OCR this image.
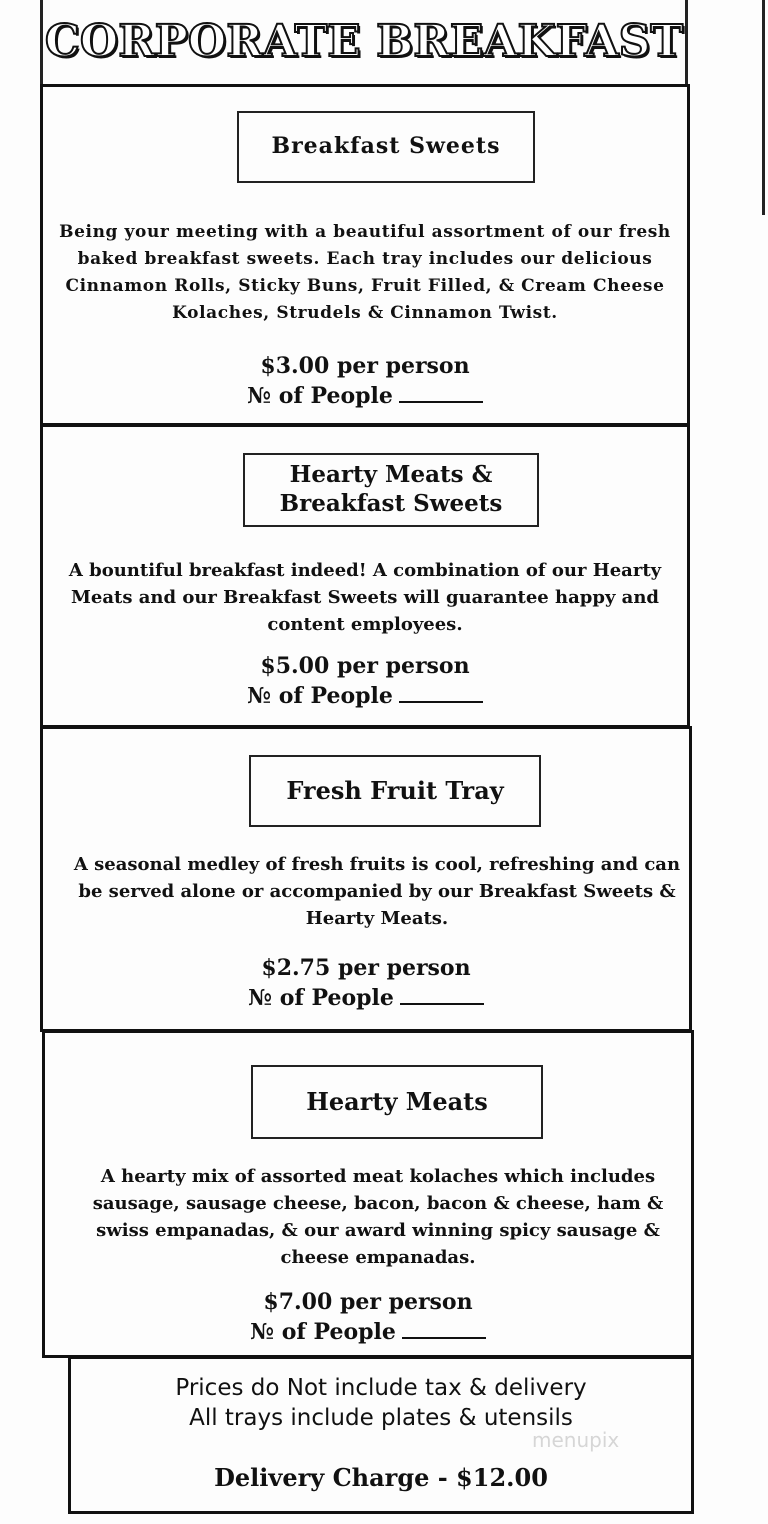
CORPORATE BREAKFAST
Breakfast Sweets
Being your meeting with a beautiful assortment of our fresh baked breakfast sweets. Each tray includes our delicious Cinnamon Rolls, Sticky Buns, Fruit Filled, & Cream Cheese Kolaches, Strudels & Cinnamon Twist.
$3.00 per person
№ of People
Hearty Meats & Breakfast Sweets
A bountiful breakfast indeed! A combination of our Hearty Meats and our Breakfast Sweets will guarantee happy and content employees.
$5.00 per person
№ of People
Fresh Fruit Tray
A seasonal medley of fresh fruits is cool, refreshing and can be served alone or accompanied by our Breakfast Sweets & Hearty Meats.
$2.75 per person
№ of People
Hearty Meats
A hearty mix of assorted meat kolaches which includes sausage, sausage cheese, bacon, bacon & cheese, ham & swiss empanadas, & our award winning spicy sausage & cheese empanadas.
$7.00 per person
№ of People
Prices do Not include tax & delivery
All trays include plates & utensils
Delivery Charge - $12.00
menupix
